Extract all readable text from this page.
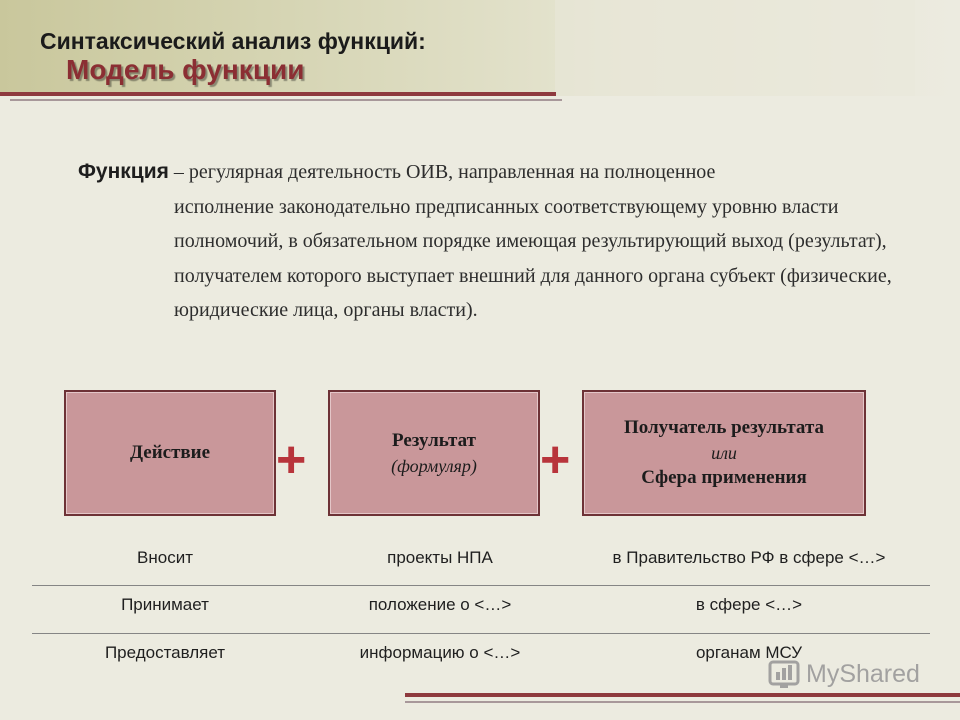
Синтаксический анализ функций:
Модель функции
Функция – регулярная деятельность ОИВ, направленная на полноценное
исполнение законодательно предписанных соответствующему уровню власти полномочий, в обязательном порядке имеющая результирующий выход (результат), получателем которого выступает внешний для данного органа субъект (физические, юридические лица, органы власти).
Действие +	Результат
(формуляр) +
Получатель результата
или
Сфера применения
Вносит	проекты НПА	в Правительство РФ в сфере <…>
Принимает	положение о <…>	в сфере <…>
Предоставляет	информацию о <…>	органам МСУ
MyShared
